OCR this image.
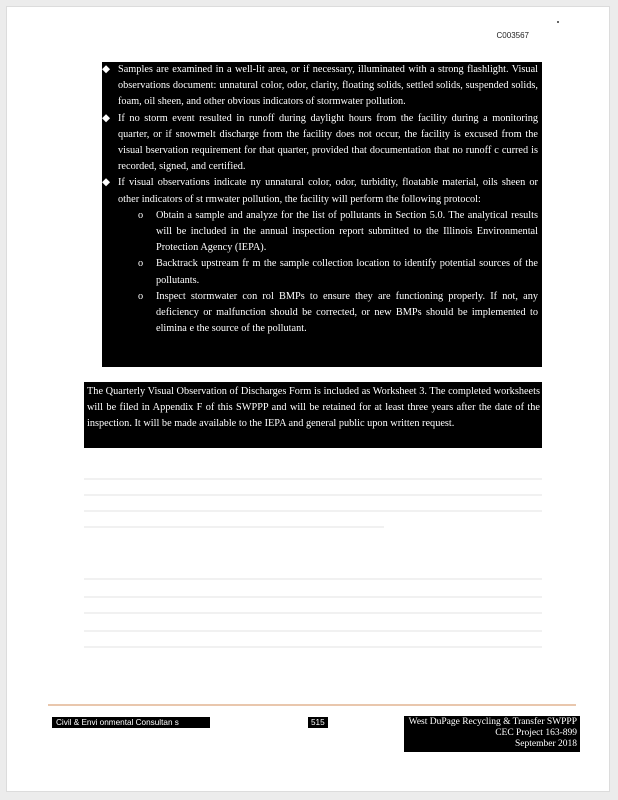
C003567
◆ Samples are examined in a well-lit area, or if necessary, illuminated with a strong flashlight. Visual observations document: unnatural color, odor, clarity, floating solids, settled solids, suspended solids, foam, oil sheen, and other obvious indicators of stormwater pollution.
◆ If no storm event resulted in runoff during daylight hours from the facility during a monitoring quarter, or if snowmelt discharge from the facility does not occur, the facility is excused from the visual bservation requirement for that quarter, provided that documentation that no runoff c curred is recorded, signed, and certified.
◆ If visual observations indicate ny unnatural color, odor, turbidity, floatable material, oils sheen or other indicators of st rmwater pollution, the facility will perform the following protocol:
o Obtain a sample and analyze for the list of pollutants in Section 5.0. The analytical results will be included in the annual inspection report submitted to the Illinois Environmental Protection Agency (IEPA).
o Backtrack upstream fr m the sample collection location to identify potential sources of the pollutants.
o Inspect stormwater con rol BMPs to ensure they are functioning properly. If not, any deficiency or malfunction should be corrected, or new BMPs should be implemented to elimina e the source of the pollutant.
The Quarterly Visual Observation of Discharges Form is included as Worksheet 3. The completed worksheets will be filed in Appendix F of this SWPPP and will be retained for at least three years after the date of the inspection. It will be made available to the IEPA and general public upon written request.
Civil & Envi onmental Consultan s	515	West DuPage Recycling & Transfer SWPPP
CEC Project 163-899
September 2018
